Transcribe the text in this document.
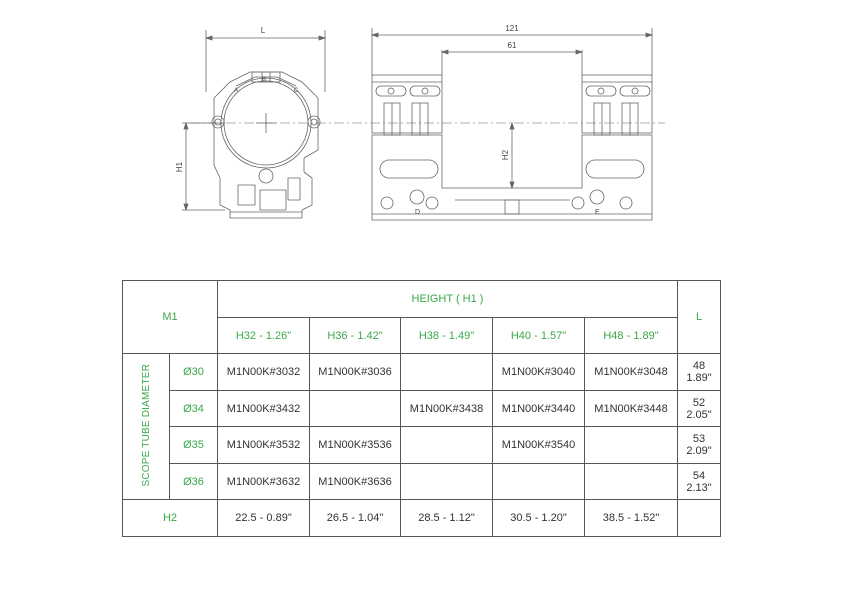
L	121
61
H1
H2
A
B
C
D	E
M1		HEIGHT ( H1 )					L
		H32 - 1.26"	H36 - 1.42"	H38 - 1.49"	H40 - 1.57"	H48 - 1.89"	
SCOPE TUBE DIAMETER	Ø30	M1N00K#3032	M1N00K#3036		M1N00K#3040	M1N00K#3048	48
1.89"

	Ø34	M1N00K#3432		M1N00K#3438	M1N00K#3440	M1N00K#3448	52
2.05"

	Ø35	M1N00K#3532	M1N00K#3536		M1N00K#3540		53
2.09"

	Ø36	M1N00K#3632	M1N00K#3636				54
2.13"

H2		22.5 - 0.89"	26.5 - 1.04"	28.5 - 1.12"	30.5 - 1.20"	38.5 - 1.52"	
